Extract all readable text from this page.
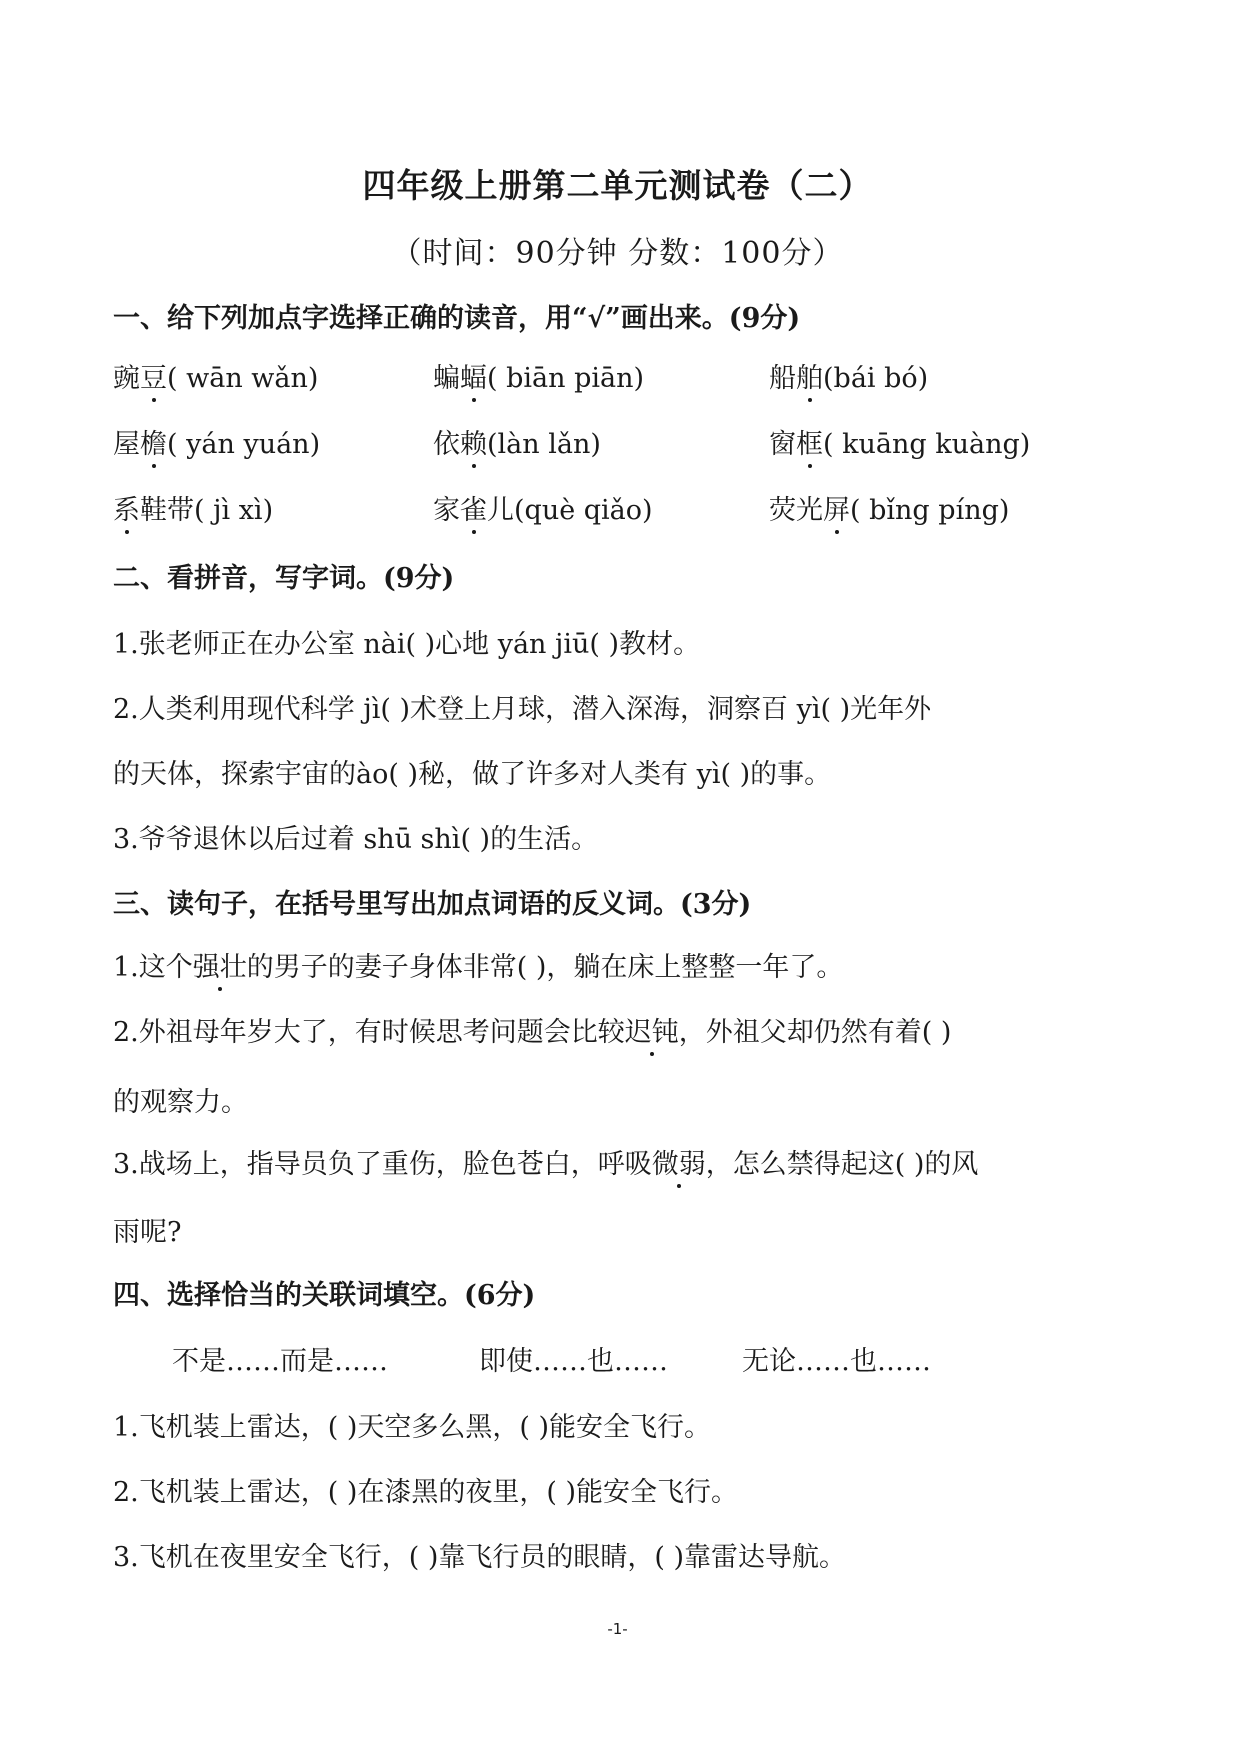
四年级上册第二单元测试卷（二）
（时间：90分钟 分数：100分）
一、给下列加点字选择正确的读音，用“√”画出来。(9分)
豌豆( wān wǎn)	蝙蝠( biān piān)	船舶(bái bó)
屋檐( yán yuán)	依赖(làn lǎn)	窗框( kuāng kuàng)
系鞋带( jì xì)	家雀儿(què qiǎo)	荧光屏( bǐng píng)
二、看拼音，写字词。(9分)
1.张老师正在办公室 nài( )心地 yán jiū( )教材。
2.人类利用现代科学 jì( )术登上月球，潜入深海，洞察百 yì( )光年外
的天体，探索宇宙的ào( )秘，做了许多对人类有 yì( )的事。
3.爷爷退休以后过着 shū shì( )的生活。
三、读句子，在括号里写出加点词语的反义词。(3分)
1.这个强壮的男子的妻子身体非常( )，躺在床上整整一年了。
2.外祖母年岁大了，有时候思考问题会比较迟钝，外祖父却仍然有着( )
的观察力。
3.战场上，指导员负了重伤，脸色苍白，呼吸微弱，怎么禁得起这( )的风
雨呢?
四、选择恰当的关联词填空。(6分)
不是……而是……	即使……也……	无论……也……
1.飞机装上雷达，( )天空多么黑，( )能安全飞行。
2.飞机装上雷达，( )在漆黑的夜里，( )能安全飞行。
3.飞机在夜里安全飞行，( )靠飞行员的眼睛，( )靠雷达导航。
-1-
